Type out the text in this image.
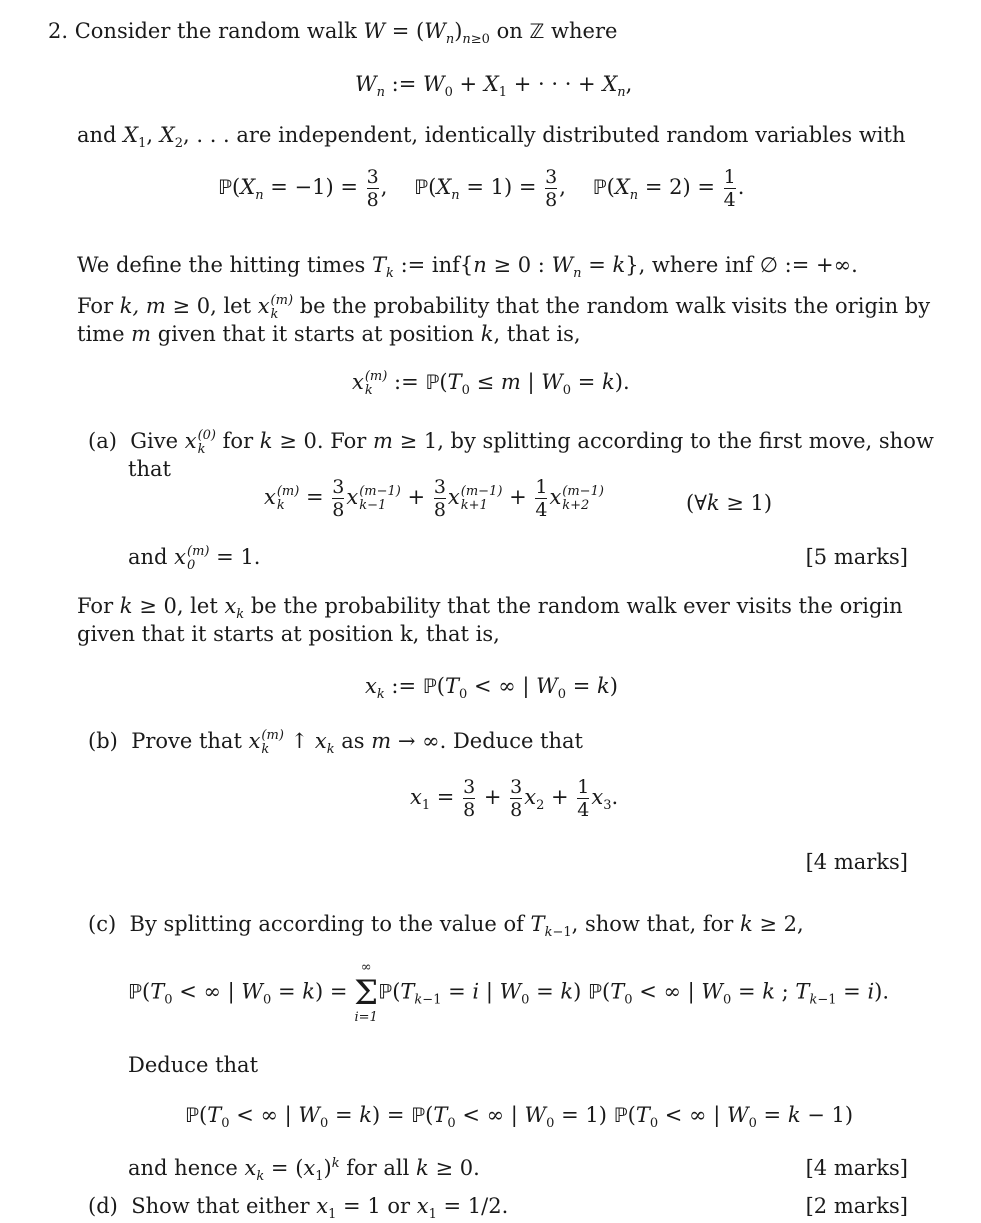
2. Consider the random walk $W = (W_n)_{n\ge 0}$ on ℤ where
$W_n$ := $W_0 + X_1$ + · · · + $X_n$,
and $X_1$, $X_2$, . . . are independent, identically distributed random variables with
$ℙ(X_n = -1) = \frac{3}{8}$ ,    $ℙ(X_n = 1) = \frac{3}{8}$ ,    $ℙ(X_n = 2) = \frac{1}{4}$ .
We define the hitting times $T_k$ := inf{n ≥ 0 : $W_n = k$}, where inf ∅ := +∞.
For k, m ≥ 0, let x (m)
k be the probability that the random walk visits the origin by
time m given that it starts at position k, that is,
x (m)
k := $ℙ(T_0 \le m$ | $W_0 = k$).
(a)  Give x (0)
k for k ≥ 0. For m ≥ 1, by splitting according to the first move, show
that
x (m)
$k = \frac{3}{8}$ x (m−1)
$k-1 + \frac{3}{8}$ x (m−1)
$k+1 + \frac{1}{4}$ x (m−1)
k+2	(∀k ≥ 1)
and x (m)
0 = 1.	[5 marks]
For k ≥ 0, let $x_k$ be the probability that the random walk ever visits the origin
given that it starts at position k, that is,
$x_k$ := $ℙ(T_0$ < ∞ | $W_0 = k$)
(b)  Prove that x (m)
k ↑ $x_k$ as m → ∞. Deduce that
$x_1 = \frac{3}{8} + \frac{3}{8} x_2 + \frac{1}{4} x_3$.
[4 marks]
(c)  By splitting according to the value of $T_{k-1}$, show that, for k ≥ 2,
$ℙ(T_0$ < ∞ | $W_0 = k$) =
∞
Σ
i=1
$ℙ(T_{k-1} = i$ | $W_0 = k$) $ℙ(T_0$ < ∞ | $W_0 = k$ ; $T_{k-1} = i$).
Deduce that
$ℙ(T_0$ < ∞ | $W_0 = k$) = $ℙ(T_0$ < ∞ | $W_0 = 1$) $ℙ(T_0$ < ∞ | $W_0 = k - 1$)
and hence $x_k = (x_1)^k$ for all k ≥ 0.	[4 marks]
(d)  Show that either $x_1 = 1$ or $x_1 = 1/2$.	[2 marks]
